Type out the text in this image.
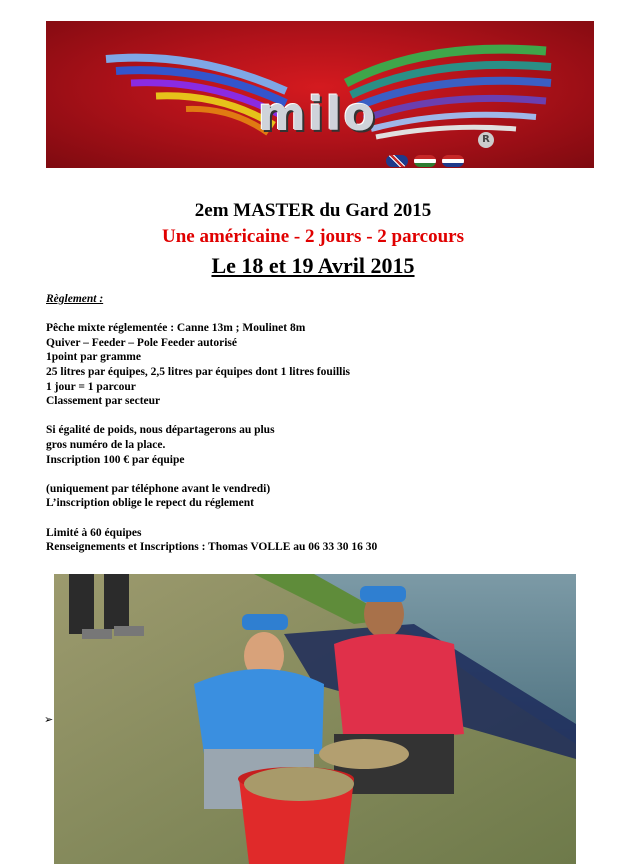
milo	R

2em MASTER du Gard 2015
Une américaine - 2 jours - 2 parcours
Le 18 et 19 Avril 2015
Règlement :
Pêche mixte réglementée : Canne 13m ; Moulinet 8m
Quiver – Feeder – Pole Feeder autorisé
1point par gramme
25 litres par équipes, 2,5 litres par équipes dont 1 litres fouillis
1 jour = 1 parcour
Classement par secteur
Si égalité de poids, nous départagerons au plus
gros numéro de la place.
Inscription 100 € par équipe
(uniquement par téléphone avant le vendredi)
L’inscription oblige le repect du réglement
Limité à 60 équipes
Renseignements et Inscriptions : Thomas VOLLE au 06 33 30 16 30
➢
